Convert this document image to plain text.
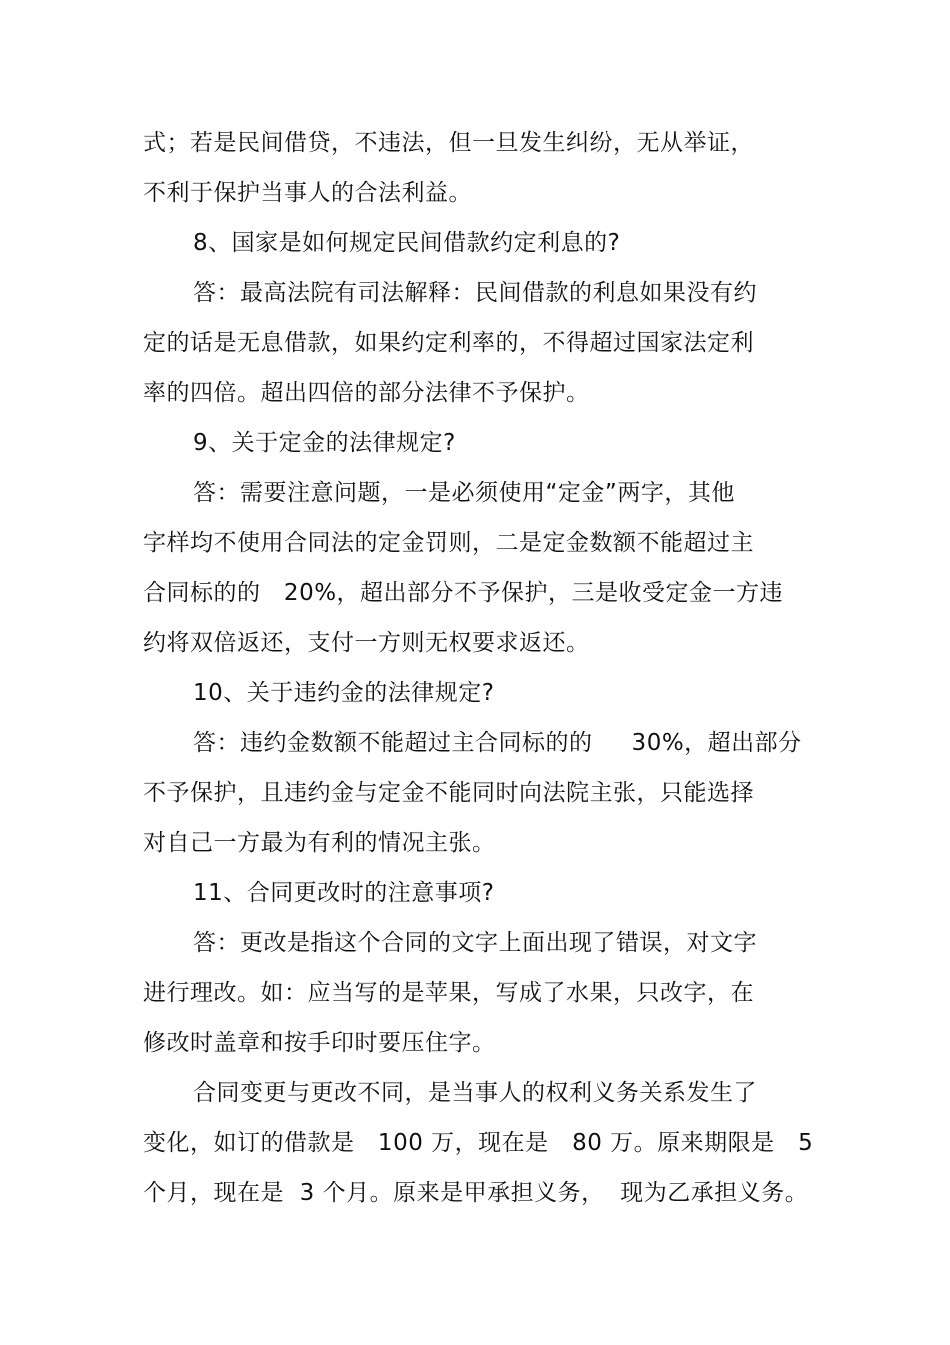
式；若是民间借贷，不违法，但一旦发生纠纷，无从举证，
不利于保护当事人的合法利益。
8、国家是如何规定民间借款约定利息的?
答：最高法院有司法解释：民间借款的利息如果没有约
定的话是无息借款，如果约定利率的，不得超过国家法定利
率的四倍。超出四倍的部分法律不予保护。
9、关于定金的法律规定?
答：需要注意问题，一是必须使用“定金”两字，其他
字样均不使用合同法的定金罚则，二是定金数额不能超过主
合同标的的   20%，超出部分不予保护，三是收受定金一方违
约将双倍返还，支付一方则无权要求返还。
10、关于违约金的法律规定?
答：违约金数额不能超过主合同标的的     30%，超出部分
不予保护，且违约金与定金不能同时向法院主张，只能选择
对自己一方最为有利的情况主张。
11、合同更改时的注意事项?
答：更改是指这个合同的文字上面出现了错误，对文字
进行理改。如：应当写的是苹果，写成了水果，只改字，在
修改时盖章和按手印时要压住字。
合同变更与更改不同，是当事人的权利义务关系发生了
变化，如订的借款是   100 万，现在是   80 万。原来期限是   5
个月，现在是  3 个月。原来是甲承担义务，  现为乙承担义务。
